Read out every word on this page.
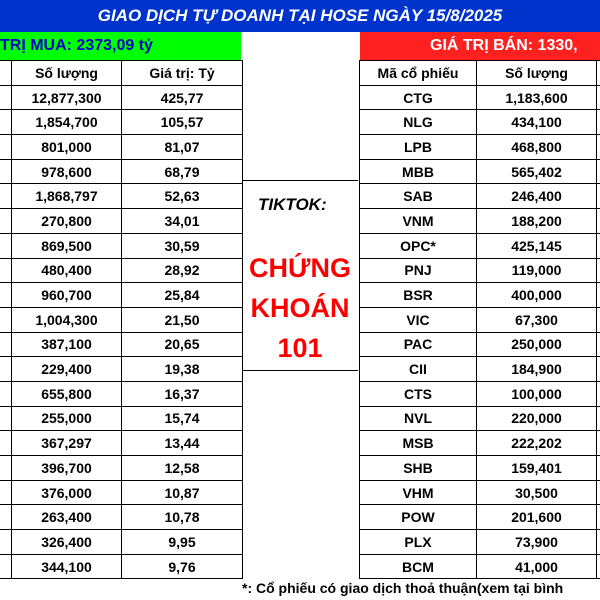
GIAO DỊCH TỰ DOANH TẠI HOSE NGÀY 15/8/2025
TRỊ MUA: 2373,09 tỷ	GIÁ TRỊ BÁN: 1330,
	Số lượng	Giá trị: Tỷ
	12,877,300	425,77
	1,854,700	105,57
	801,000	81,07
	978,600	68,79
	1,868,797	52,63
	270,800	34,01
	869,500	30,59
	480,400	28,92
	960,700	25,84
	1,004,300	21,50
	387,100	20,65
	229,400	19,38
	655,800	16,37
	255,000	15,74
	367,297	13,44
	396,700	12,58
	376,000	10,87
	263,400	10,78
	326,400	9,95
	344,100	9,76
TIKTOK:
CHỨNG
KHOÁN
101
Mã cổ phiếu	Số lượng	
CTG	1,183,600	
NLG	434,100	
LPB	468,800	
MBB	565,402	
SAB	246,400	
VNM	188,200	
OPC*	425,145	
PNJ	119,000	
BSR	400,000	
VIC	67,300	
PAC	250,000	
CII	184,900	
CTS	100,000	
NVL	220,000	
MSB	222,202	
SHB	159,401	
VHM	30,500	
POW	201,600	
PLX	73,900	
BCM	41,000	
*: Cổ phiếu có giao dịch thoả thuận(xem tại bình
